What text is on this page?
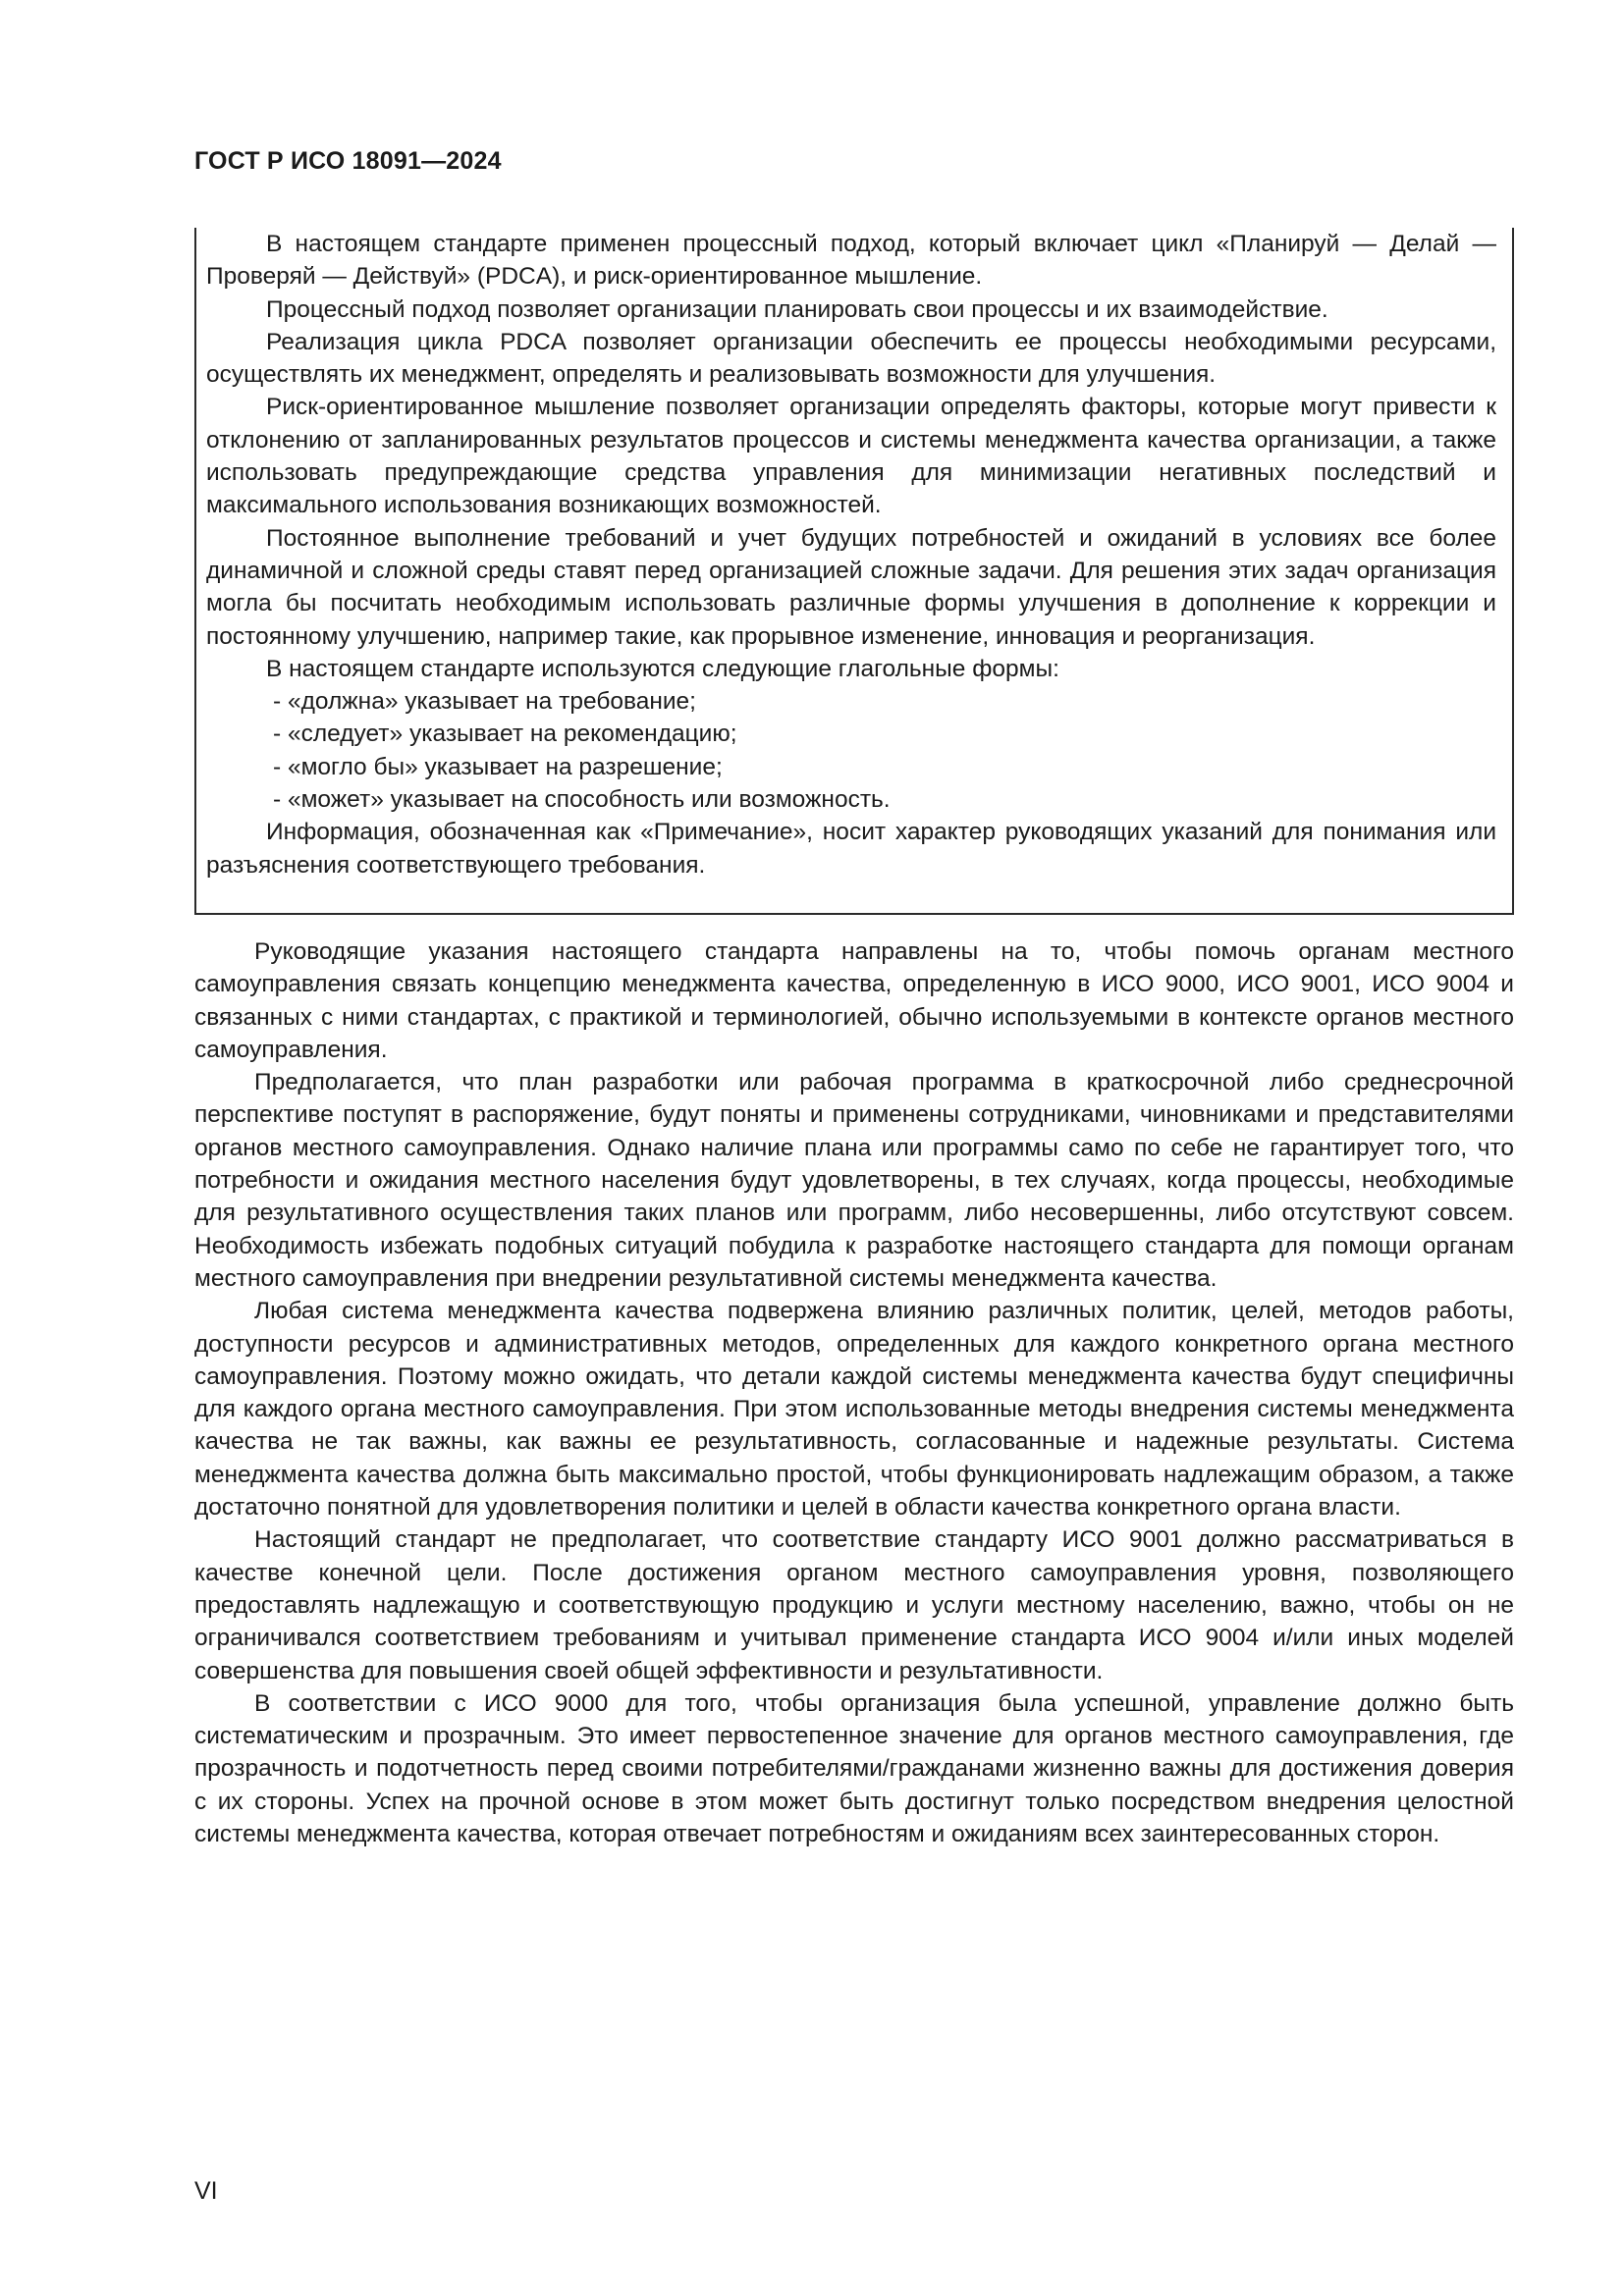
ГОСТ Р ИСО 18091—2024

В настоящем стандарте применен процессный подход, который включает цикл «Планируй — Делай — Проверяй — Действуй» (PDCA), и риск-ориентированное мышление.

Процессный подход позволяет организации планировать свои процессы и их взаимодействие.

Реализация цикла PDCA позволяет организации обеспечить ее процессы необходимыми ресурсами, осуществлять их менеджмент, определять и реализовывать возможности для улучшения.

Риск-ориентированное мышление позволяет организации определять факторы, которые могут привести к отклонению от запланированных результатов процессов и системы менеджмента качества организации, а также использовать предупреждающие средства управления для минимизации негативных последствий и максимального использования возникающих возможностей.

Постоянное выполнение требований и учет будущих потребностей и ожиданий в условиях все более динамичной и сложной среды ставят перед организацией сложные задачи. Для решения этих задач организация могла бы посчитать необходимым использовать различные формы улучшения в дополнение к коррекции и постоянному улучшению, например такие, как прорывное изменение, инновация и реорганизация.

В настоящем стандарте используются следующие глагольные формы:

- «должна» указывает на требование;

- «следует» указывает на рекомендацию;

- «могло бы» указывает на разрешение;

- «может» указывает на способность или возможность.

Информация, обозначенная как «Примечание», носит характер руководящих указаний для понимания или разъяснения соответствующего требования.

Руководящие указания настоящего стандарта направлены на то, чтобы помочь органам местного самоуправления связать концепцию менеджмента качества, определенную в ИСО 9000, ИСО 9001, ИСО 9004 и связанных с ними стандартах, с практикой и терминологией, обычно используемыми в контексте органов местного самоуправления.

Предполагается, что план разработки или рабочая программа в краткосрочной либо среднесрочной перспективе поступят в распоряжение, будут поняты и применены сотрудниками, чиновниками и представителями органов местного самоуправления. Однако наличие плана или программы само по себе не гарантирует того, что потребности и ожидания местного населения будут удовлетворены, в тех случаях, когда процессы, необходимые для результативного осуществления таких планов или программ, либо несовершенны, либо отсутствуют совсем. Необходимость избежать подобных ситуаций побудила к разработке настоящего стандарта для помощи органам местного самоуправления при внедрении результативной системы менеджмента качества.

Любая система менеджмента качества подвержена влиянию различных политик, целей, методов работы, доступности ресурсов и административных методов, определенных для каждого конкретного органа местного самоуправления. Поэтому можно ожидать, что детали каждой системы менеджмента качества будут специфичны для каждого органа местного самоуправления. При этом использованные методы внедрения системы менеджмента качества не так важны, как важны ее результативность, согласованные и надежные результаты. Система менеджмента качества должна быть максимально простой, чтобы функционировать надлежащим образом, а также достаточно понятной для удовлетворения политики и целей в области качества конкретного органа власти.

Настоящий стандарт не предполагает, что соответствие стандарту ИСО 9001 должно рассматриваться в качестве конечной цели. После достижения органом местного самоуправления уровня, позволяющего предоставлять надлежащую и соответствующую продукцию и услуги местному населению, важно, чтобы он не ограничивался соответствием требованиям и учитывал применение стандарта ИСО 9004 и/или иных моделей совершенства для повышения своей общей эффективности и результативности.

В соответствии с ИСО 9000 для того, чтобы организация была успешной, управление должно быть систематическим и прозрачным. Это имеет первостепенное значение для органов местного самоуправления, где прозрачность и подотчетность перед своими потребителями/гражданами жизненно важны для достижения доверия с их стороны. Успех на прочной основе в этом может быть достигнут только посредством внедрения целостной системы менеджмента качества, которая отвечает потребностям и ожиданиям всех заинтересованных сторон.

VI
